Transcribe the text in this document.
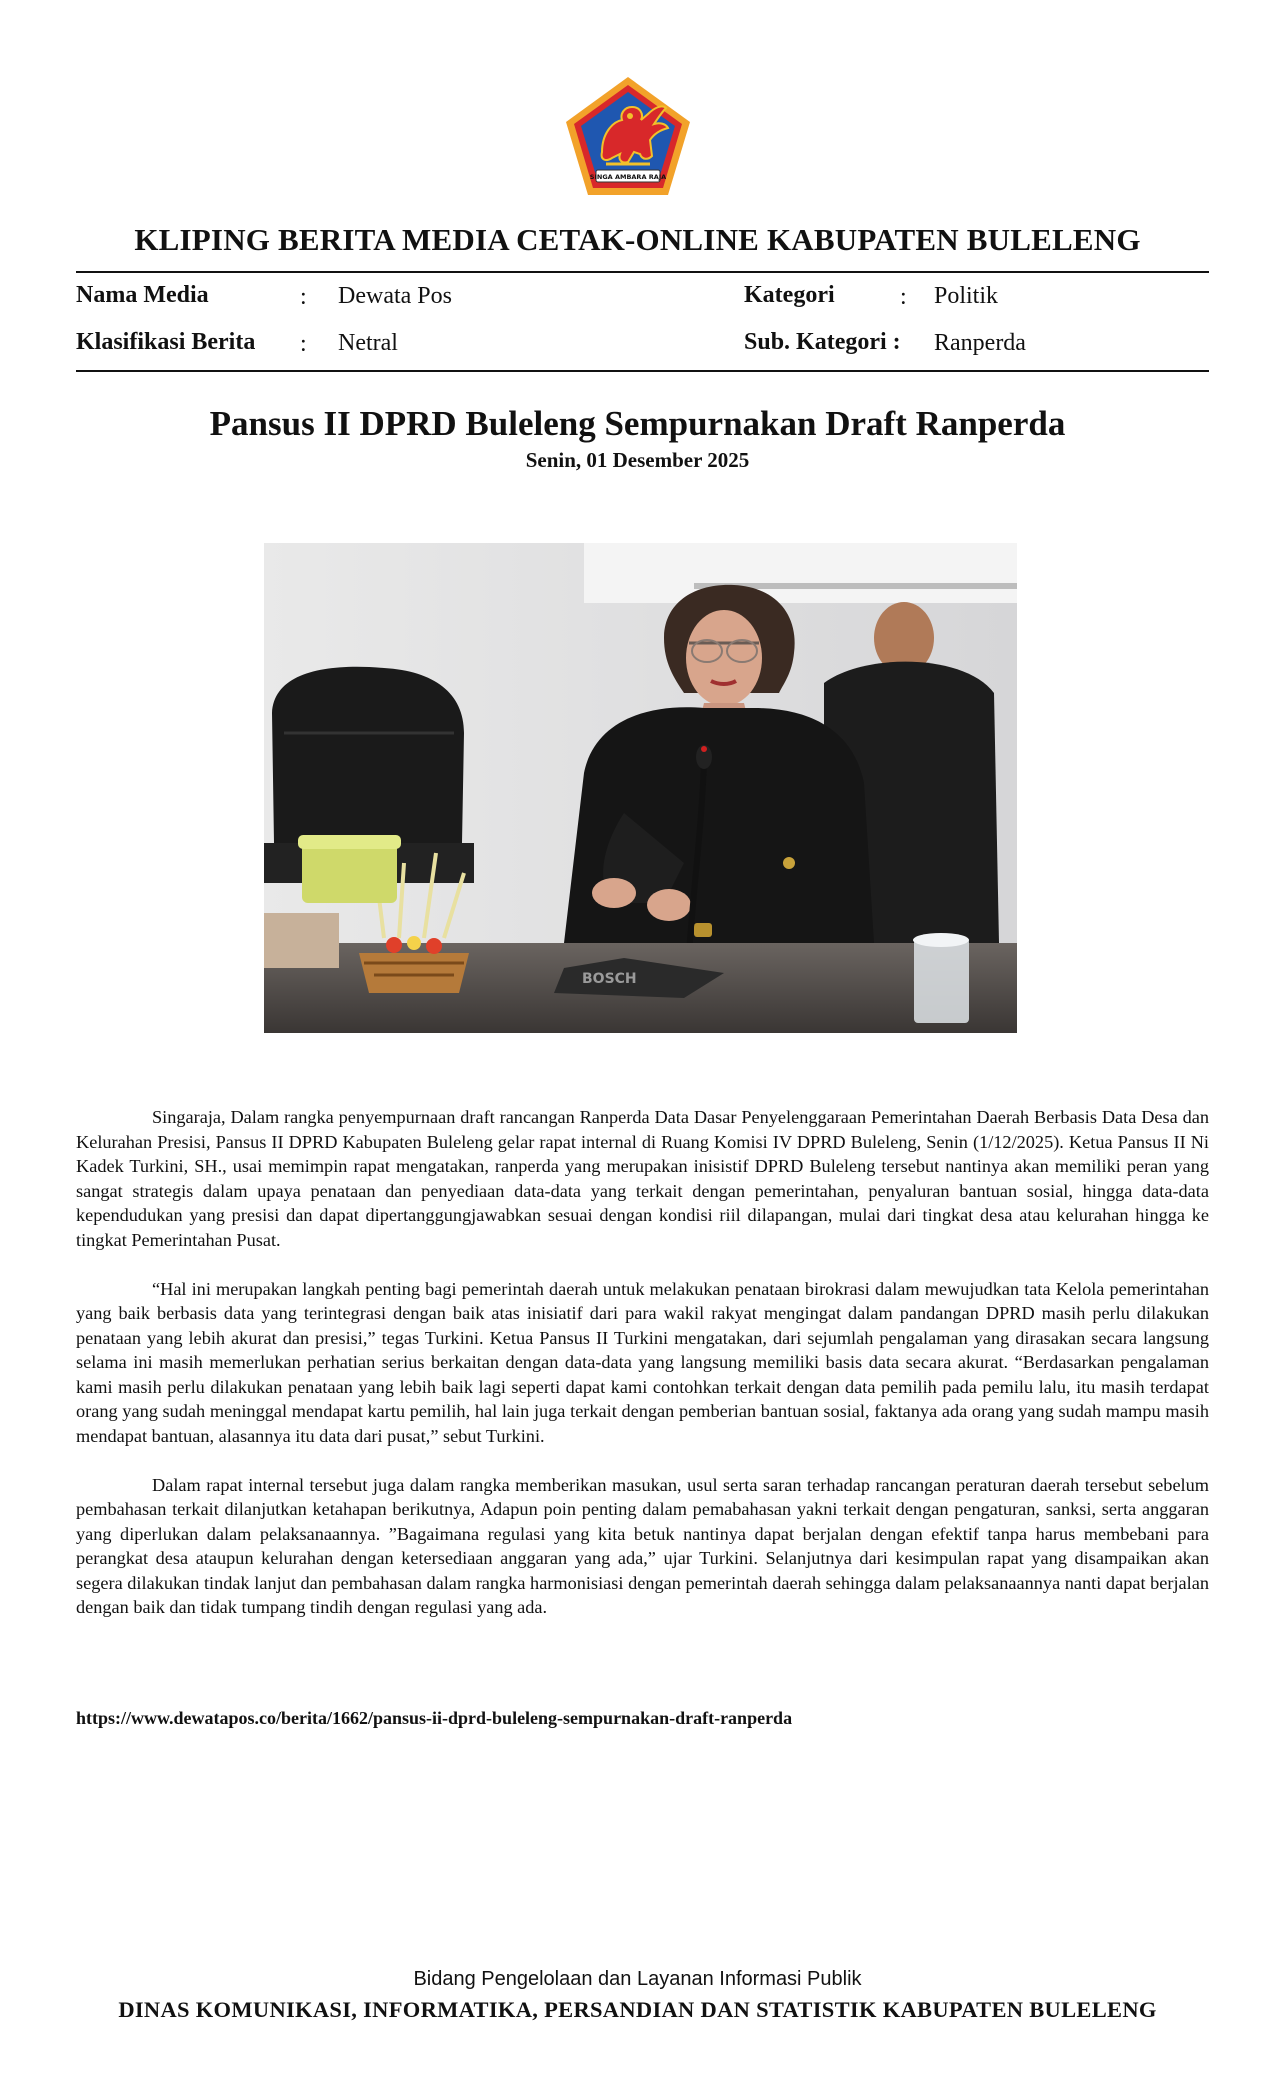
SINGA AMBARA RAJA
KLIPING BERITA MEDIA CETAK-ONLINE KABUPATEN BULELENG
Nama Media	: Dewata Pos
Klasifikasi Berita : Netral
Kategori	: Politik
Sub. Kategori : Ranperda
Pansus II DPRD Buleleng Sempurnakan Draft Ranperda
Senin, 01 Desember 2025
BOSCH

Singaraja, Dalam rangka penyempurnaan draft rancangan Ranperda Data Dasar Penyelenggaraan Pemerintahan Daerah Berbasis Data Desa dan Kelurahan Presisi, Pansus II DPRD Kabupaten Buleleng gelar rapat internal di Ruang Komisi IV DPRD Buleleng, Senin (1/12/2025). Ketua Pansus II Ni Kadek Turkini, SH., usai memimpin rapat mengatakan, ranperda yang merupakan inisistif DPRD Buleleng tersebut nantinya akan memiliki peran yang sangat strategis dalam upaya penataan dan penyediaan data-data yang terkait dengan pemerintahan, penyaluran bantuan sosial, hingga data-data kependudukan yang presisi dan dapat dipertanggungjawabkan sesuai dengan kondisi riil dilapangan, mulai dari tingkat desa atau kelurahan hingga ke tingkat Pemerintahan Pusat.

“Hal ini merupakan langkah penting bagi pemerintah daerah untuk melakukan penataan birokrasi dalam mewujudkan tata Kelola pemerintahan yang baik berbasis data yang terintegrasi dengan baik atas inisiatif dari para wakil rakyat mengingat dalam pandangan DPRD masih perlu dilakukan penataan yang lebih akurat dan presisi,” tegas Turkini. Ketua Pansus II Turkini mengatakan, dari sejumlah pengalaman yang dirasakan secara langsung selama ini masih memerlukan perhatian serius berkaitan dengan data-data yang langsung memiliki basis data secara akurat. “Berdasarkan pengalaman kami masih perlu dilakukan penataan yang lebih baik lagi seperti dapat kami contohkan terkait dengan data pemilih pada pemilu lalu, itu masih terdapat orang yang sudah meninggal mendapat kartu pemilih, hal lain juga terkait dengan pemberian bantuan sosial, faktanya ada orang yang sudah mampu masih mendapat bantuan, alasannya itu data dari pusat,” sebut Turkini.

Dalam rapat internal tersebut juga dalam rangka memberikan masukan, usul serta saran terhadap rancangan peraturan daerah tersebut sebelum pembahasan terkait dilanjutkan ketahapan berikutnya, Adapun poin penting dalam pemabahasan yakni terkait dengan pengaturan, sanksi, serta anggaran yang diperlukan dalam pelaksanaannya. ”Bagaimana regulasi yang kita betuk nantinya dapat berjalan dengan efektif tanpa harus membebani para perangkat desa ataupun kelurahan dengan ketersediaan anggaran yang ada,” ujar Turkini. Selanjutnya dari kesimpulan rapat yang disampaikan akan segera dilakukan tindak lanjut dan pembahasan dalam rangka harmonisiasi dengan pemerintah daerah sehingga dalam pelaksanaannya nanti dapat berjalan dengan baik dan tidak tumpang tindih dengan regulasi yang ada.

https://www.dewatapos.co/berita/1662/pansus-ii-dprd-buleleng-sempurnakan-draft-ranperda
Bidang Pengelolaan dan Layanan Informasi Publik
DINAS KOMUNIKASI, INFORMATIKA, PERSANDIAN DAN STATISTIK KABUPATEN BULELENG
